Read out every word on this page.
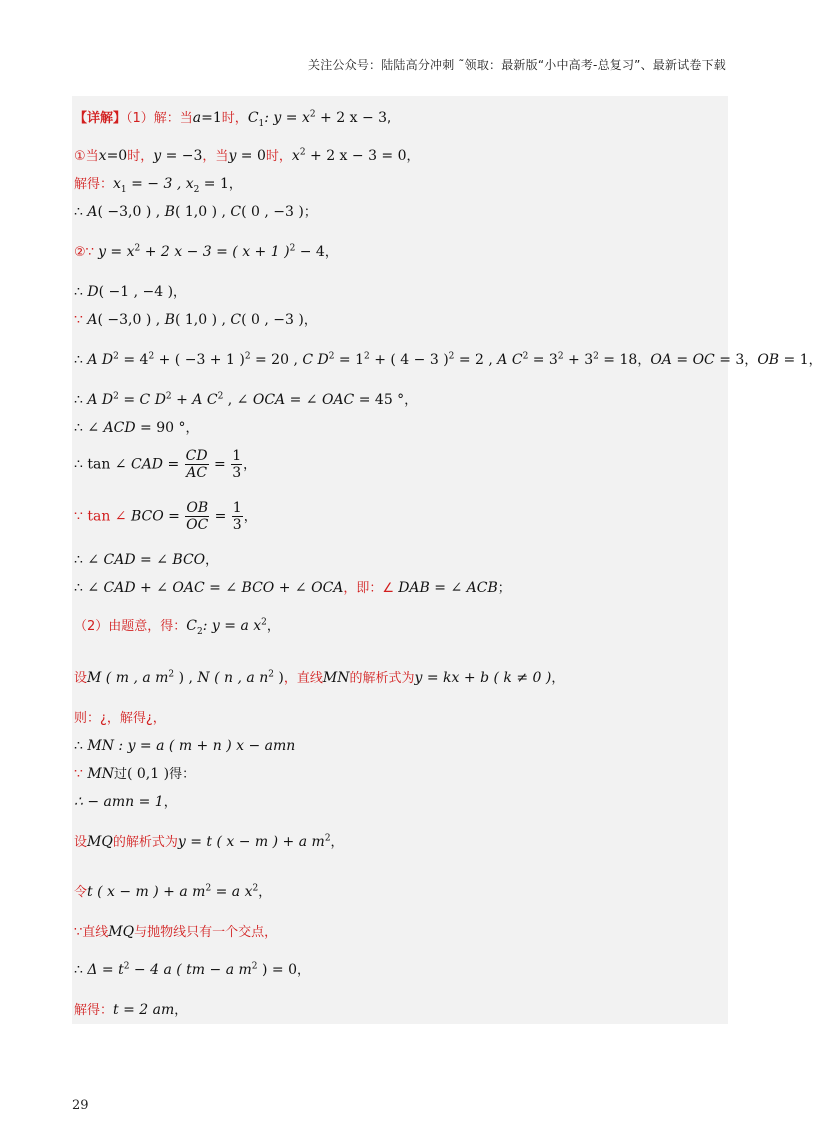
关注公众号：陆陆高分冲刺 ˜领取：最新版“小中高考-总复习”、最新试卷下载
【详解】（1）解：当a=1时，$C_1$: $y = x^2 + 2$ x − 3,
①当x=0时，y = −3，当y = 0时，$x^2 + 2$ x − 3 = 0，
解得：$x_1$ = − 3 , $x_2 = 1$，
∴ A( −3,0 ) , B( 1,0 ) , C( 0 , −3 )；
②∵ $y = x^2 + 2$ x − 3 = ( x + 1 )$^2$ − 4，
∴ D( −1 , −4 )，
∵ A( −3,0 ) , B( 1,0 ) , C( 0 , −3 )，
∴ A $D^2 = 4^2$ + ( −3 + 1 )$^2$ = 20 , C $D^2 = 1^2$ + ( 4 − 3 )$^2$ = 2 , A $C^2 = 3^2 + 3^2 = 18$，OA = OC = 3，OB = 1，
∴ A $D^2 = C$ $D^2 + A$ $C^2$ , ∠ OCA = ∠ OAC = 45 °，
∴ ∠ ACD = 90 °，
∴ tan ∠ CAD = $\frac{CD}{AC} = \frac{1}{3}$ ，
∵ tan ∠ BCO = $\frac{OB}{OC} = \frac{1}{3}$ ，
∴ ∠ CAD = ∠ BCO，
∴ ∠ CAD + ∠ OAC = ∠ BCO + ∠ OCA，即：∠ DAB = ∠ ACB；
（2）由题意，得：$C_2$: y = a $x^2$，
设M ( m , a $m^2$ ) , N ( n , a $n^2$ )，直线MN的解析式为y = kx + b ( k ≠ 0 )，
则：¿，解得¿，
∴ MN : y = a ( m + n ) x − amn
∵ MN过( 0,1 )得：
∴ − amn = 1，
设MQ的解析式为y = t ( x − m ) + a $m^2$，
令t ( x − m ) + a $m^2 = a$ $x^2$，
∵直线MQ与抛物线只有一个交点，
∴ $\Delta = t^2 - 4$ a ( tm − a $m^2$ ) = 0，
解得：t = 2 am，
29
